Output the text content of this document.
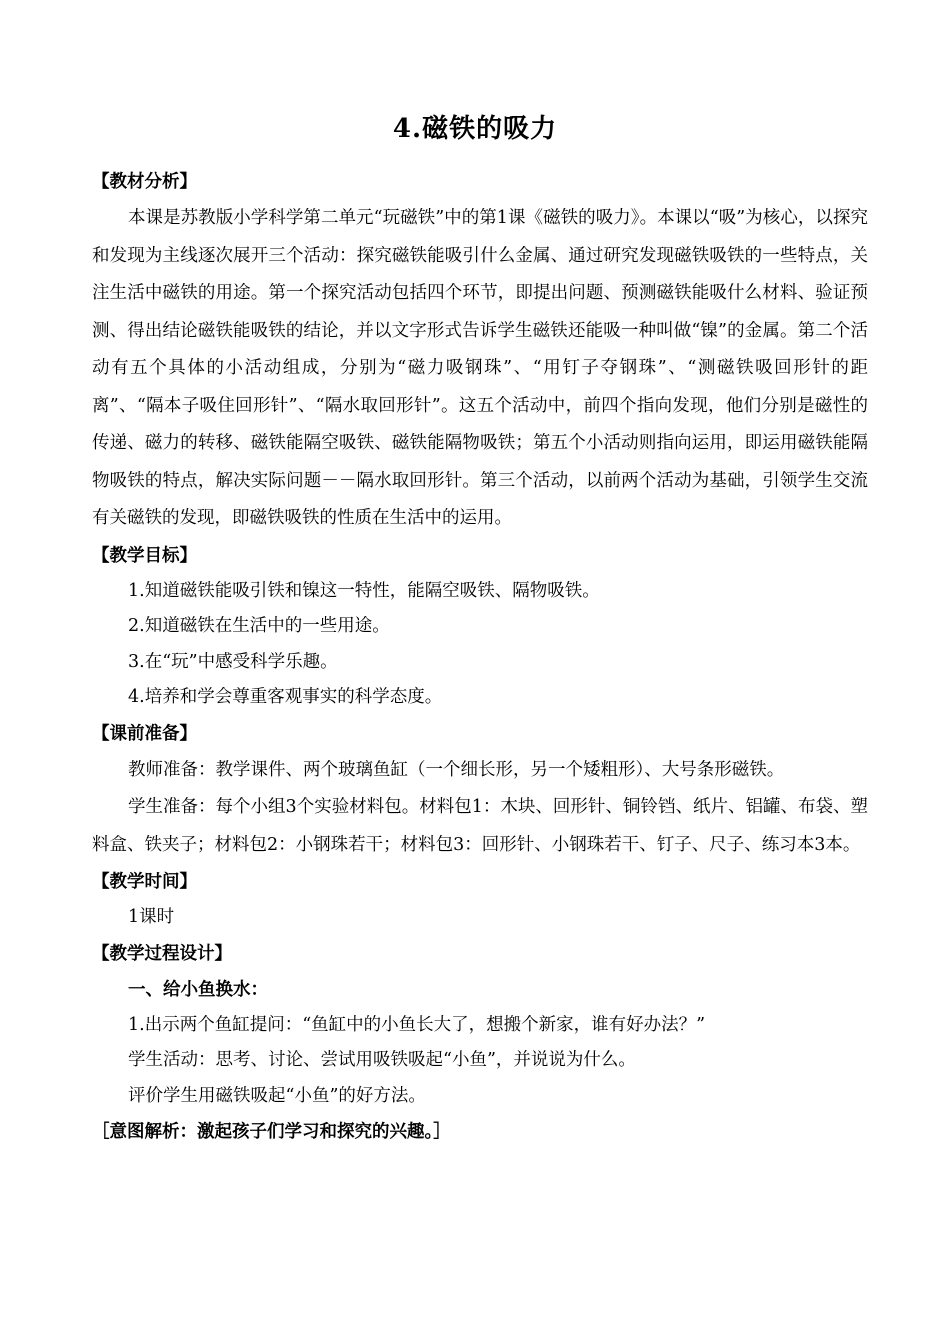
4.磁铁的吸力
【教材分析】

本课是苏教版小学科学第二单元“玩磁铁”中的第1课《磁铁的吸力》。本课以“吸”为核心，以探究和发现为主线逐次展开三个活动：探究磁铁能吸引什么金属、通过研究发现磁铁吸铁的一些特点，关注生活中磁铁的用途。第一个探究活动包括四个环节，即提出问题、预测磁铁能吸什么材料、验证预测、得出结论磁铁能吸铁的结论，并以文字形式告诉学生磁铁还能吸一种叫做“镍”的金属。第二个活动有五个具体的小活动组成，分别为“磁力吸钢珠”、“用钉子夺钢珠”、“测磁铁吸回形针的距离”、“隔本子吸住回形针”、“隔水取回形针”。这五个活动中，前四个指向发现，他们分别是磁性的传递、磁力的转移、磁铁能隔空吸铁、磁铁能隔物吸铁；第五个小活动则指向运用，即运用磁铁能隔物吸铁的特点，解决实际问题－－隔水取回形针。第三个活动，以前两个活动为基础，引领学生交流有关磁铁的发现，即磁铁吸铁的性质在生活中的运用。

【教学目标】
1.知道磁铁能吸引铁和镍这一特性，能隔空吸铁、隔物吸铁。
2.知道磁铁在生活中的一些用途。
3.在“玩”中感受科学乐趣。
4.培养和学会尊重客观事实的科学态度。
【课前准备】

教师准备：教学课件、两个玻璃鱼缸（一个细长形，另一个矮粗形）、大号条形磁铁。

学生准备：每个小组3个实验材料包。材料包1：木块、回形针、铜铃铛、纸片、铝罐、布袋、塑料盒、铁夹子；材料包2：小钢珠若干；材料包3：回形针、小钢珠若干、钉子、尺子、练习本3本。

【教学时间】
1课时
【教学过程设计】
一、给小鱼换水：
1.出示两个鱼缸提问：“鱼缸中的小鱼长大了，想搬个新家，谁有好办法？”
学生活动：思考、讨论、尝试用吸铁吸起“小鱼”，并说说为什么。
评价学生用磁铁吸起“小鱼”的好方法。
［意图解析：激起孩子们学习和探究的兴趣。］
